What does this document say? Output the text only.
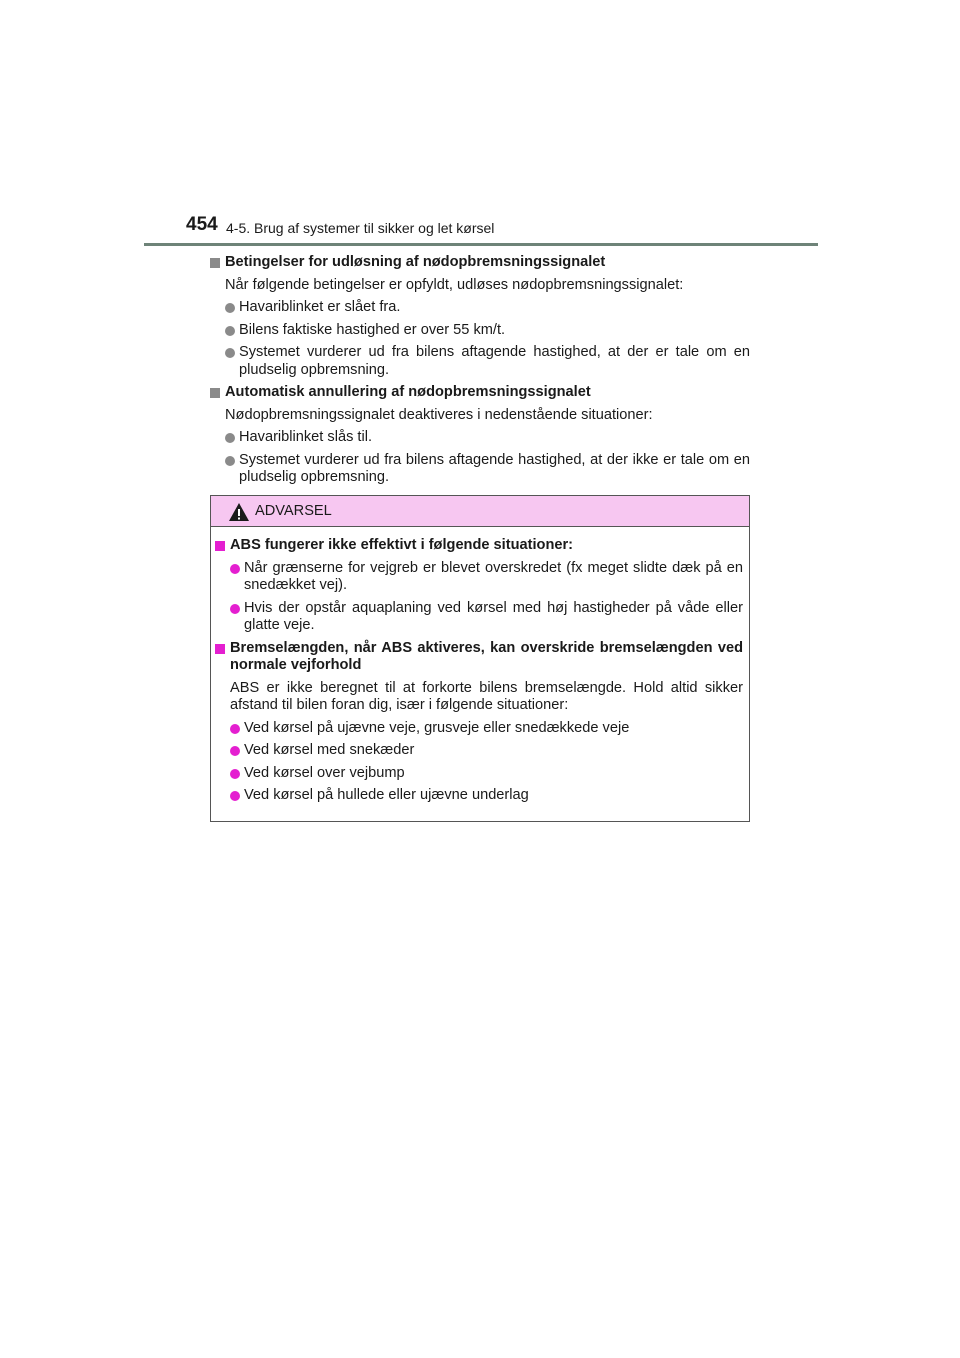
454 4-5. Brug af systemer til sikker og let kørsel
Betingelser for udløsning af nødopbremsningssignalet
Når følgende betingelser er opfyldt, udløses nødopbremsningssignalet:
Havariblinket er slået fra.
Bilens faktiske hastighed er over 55 km/t.
Systemet vurderer ud fra bilens aftagende hastighed, at der er tale om en pludselig opbremsning.
Automatisk annullering af nødopbremsningssignalet
Nødopbremsningssignalet deaktiveres i nedenstående situationer:
Havariblinket slås til.
Systemet vurderer ud fra bilens aftagende hastighed, at der ikke er tale om en pludselig opbremsning.
ADVARSEL
ABS fungerer ikke effektivt i følgende situationer:
Når grænserne for vejgreb er blevet overskredet (fx meget slidte dæk på en snedækket vej).
Hvis der opstår aquaplaning ved kørsel med høj hastigheder på våde eller glatte veje.
Bremselængden, når ABS aktiveres, kan overskride bremselængden ved normale vejforhold
ABS er ikke beregnet til at forkorte bilens bremselængde. Hold altid sikker afstand til bilen foran dig, især i følgende situationer:
Ved kørsel på ujævne veje, grusveje eller snedækkede veje
Ved kørsel med snekæder
Ved kørsel over vejbump
Ved kørsel på hullede eller ujævne underlag
